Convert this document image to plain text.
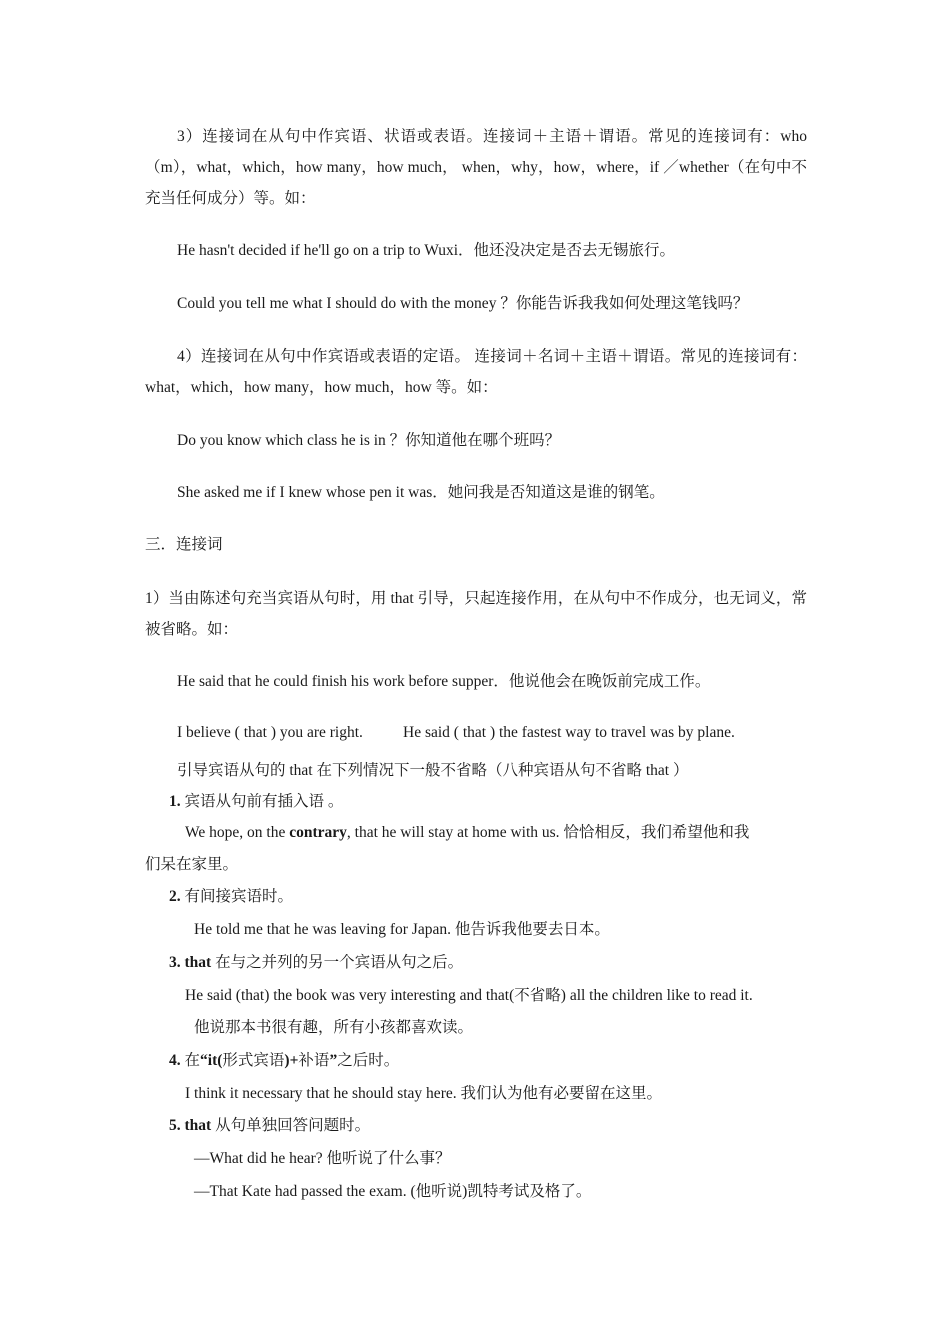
3）连接词在从句中作宾语、状语或表语。连接词＋主语＋谓语。常见的连接词有：who（m），what，which，how many，how much， when，why，how，where，if ／whether（在句中不充当任何成分）等。如：
He hasn't decided if he'll go on a trip to Wuxi．他还没决定是否去无锡旅行。
Could you tell me what I should do with the money ？你能告诉我我如何处理这笔钱吗？
4）连接词在从句中作宾语或表语的定语。 连接词＋名词＋主语＋谓语。常见的连接词有：what，which，how many，how much，how 等。如：
Do you know which class he is in ？你知道他在哪个班吗？
She asked me if I knew whose pen it was．她问我是否知道这是谁的钢笔。
三．连接词
1）当由陈述句充当宾语从句时，用 that 引导，只起连接作用，在从句中不作成分，也无词义，常被省略。如：
He said that he could finish his work before supper．他说他会在晚饭前完成工作。
I believe ( that ) you are right.	He said ( that ) the fastest way to travel was by plane.
引导宾语从句的 that 在下列情况下一般不省略（八种宾语从句不省略 that ）
1. 宾语从句前有插入语 。
We hope, on the contrary, that he will stay at home with us. 恰恰相反，我们希望他和我
们呆在家里。
2. 有间接宾语时。
He told me that he was leaving for Japan. 他告诉我他要去日本。
3. that 在与之并列的另一个宾语从句之后。
He said (that) the book was very interesting and that(不省略) all the children like to read it.
他说那本书很有趣，所有小孩都喜欢读。
4. 在“it(形式宾语)+补语”之后时。
I think it necessary that he should stay here. 我们认为他有必要留在这里。
5. that 从句单独回答问题时。
—What did he hear? 他听说了什么事？
—That Kate had passed the exam. (他听说)凯特考试及格了。
